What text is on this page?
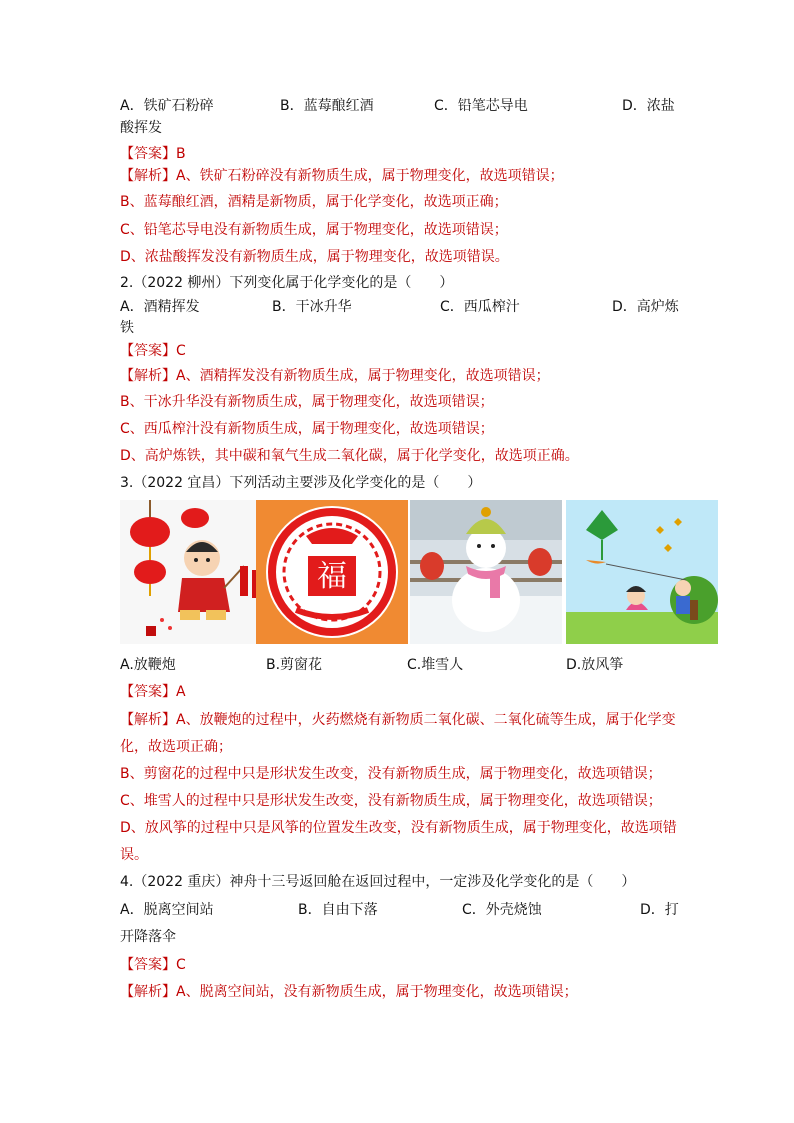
A．铁矿石粉碎	B．蓝莓酿红酒	C．铅笔芯导电	D．浓盐
酸挥发
【答案】B
【解析】A、铁矿石粉碎没有新物质生成，属于物理变化，故选项错误；
B、蓝莓酿红酒，酒精是新物质，属于化学变化，故选项正确；
C、铅笔芯导电没有新物质生成，属于物理变化，故选项错误；
D、浓盐酸挥发没有新物质生成，属于物理变化，故选项错误。
2.（2022 柳州）下列变化属于化学变化的是（　　）
A．酒精挥发	B．干冰升华	C．西瓜榨汁	D．高炉炼
铁
【答案】C
【解析】A、酒精挥发没有新物质生成，属于物理变化，故选项错误；
B、干冰升华没有新物质生成，属于物理变化，故选项错误；
C、西瓜榨汁没有新物质生成，属于物理变化，故选项错误；
D、高炉炼铁，其中碳和氧气生成二氧化碳，属于化学变化，故选项正确。
3.（2022 宜昌）下列活动主要涉及化学变化的是（　　）
福
A.放鞭炮	B.剪窗花	C.堆雪人	D.放风筝
【答案】A
【解析】A、放鞭炮的过程中，火药燃烧有新物质二氧化碳、二氧化硫等生成，属于化学变
化，故选项正确；
B、剪窗花的过程中只是形状发生改变，没有新物质生成，属于物理变化，故选项错误；
C、堆雪人的过程中只是形状发生改变，没有新物质生成，属于物理变化，故选项错误；
D、放风筝的过程中只是风筝的位置发生改变，没有新物质生成，属于物理变化，故选项错
误。
4.（2022 重庆）神舟十三号返回舱在返回过程中，一定涉及化学变化的是（　　）
A．脱离空间站	B．自由下落	C．外壳烧蚀	D．打
开降落伞
【答案】C
【解析】A、脱离空间站，没有新物质生成，属于物理变化，故选项错误；
